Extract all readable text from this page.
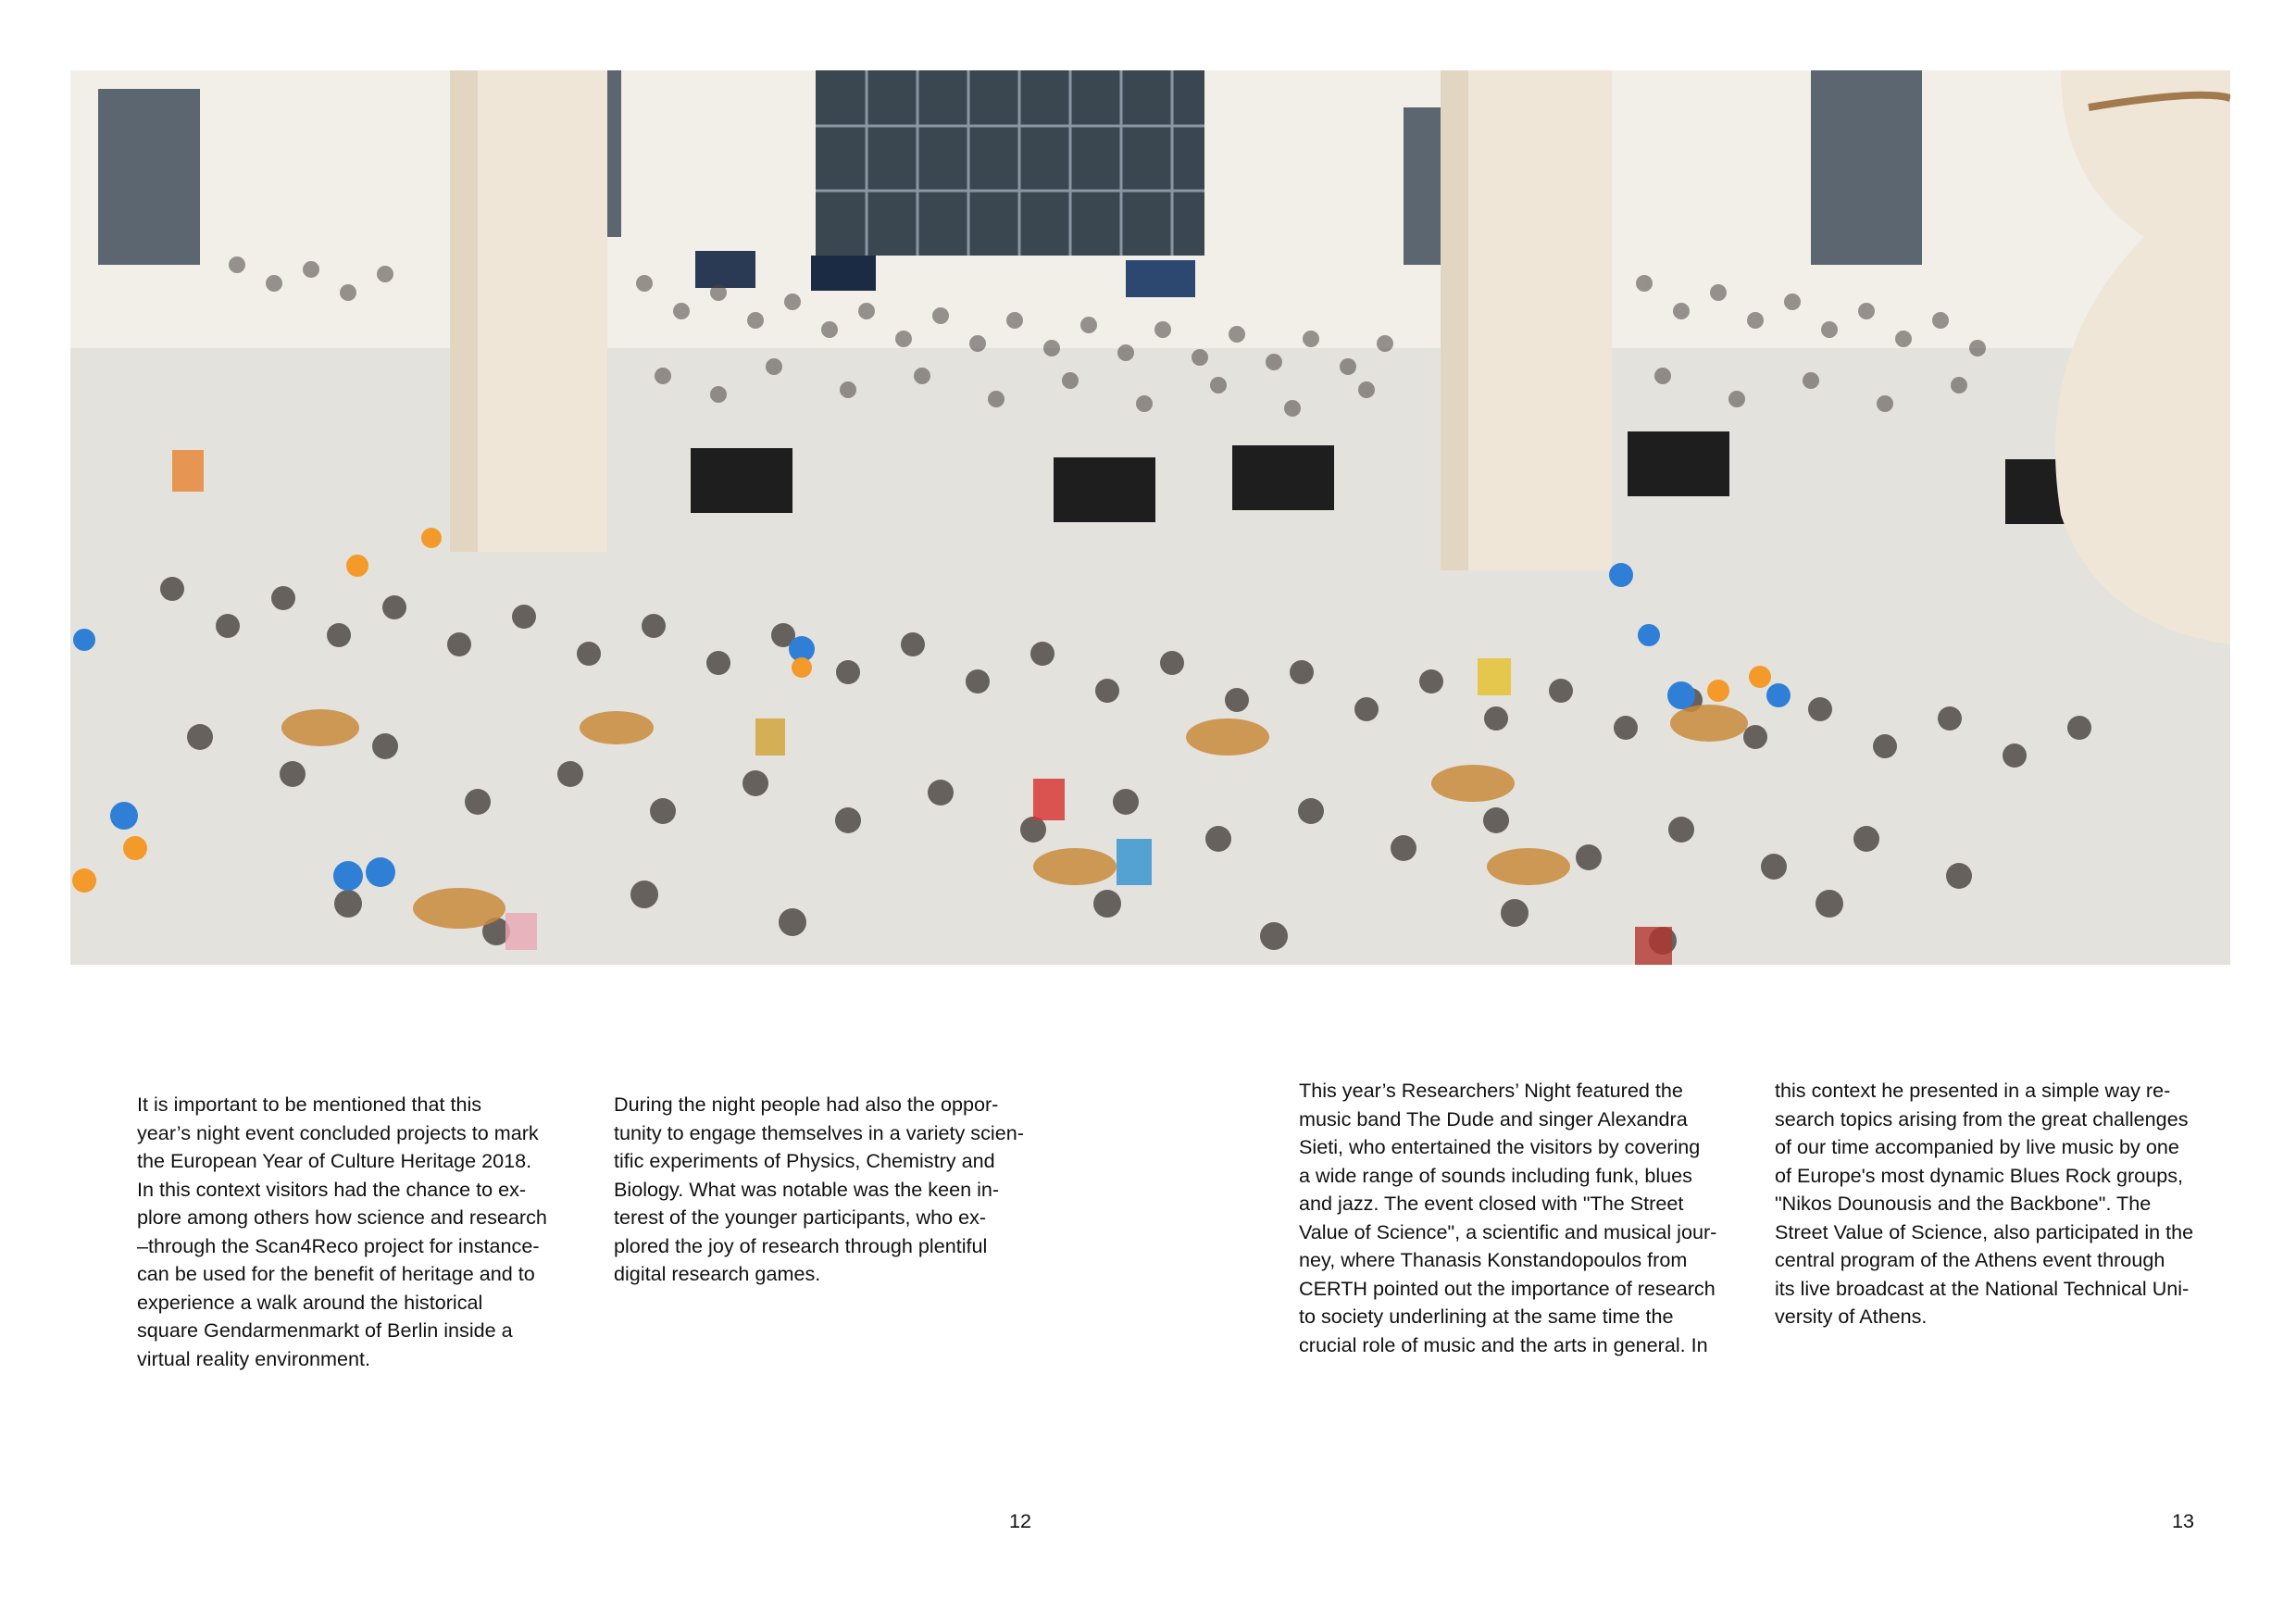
It is important to be mentioned that this
year’s night event concluded projects to mark
the European Year of Culture Heritage 2018.
In this context visitors had the chance to ex-
plore among others how science and research
–through the Scan4Reco project for instance-
can be used for the benefit of heritage and to
experience a walk around the historical
square Gendarmenmarkt of Berlin inside a
virtual reality environment.

During the night people had also the oppor-
tunity to engage themselves in a variety scien-
tific experiments of Physics, Chemistry and
Biology. What was notable was the keen in-
terest of the younger participants, who ex-
plored the joy of research through plentiful
digital research games.

This year’s Researchers’ Night featured the
music band The Dude and singer Alexandra
Sieti, who entertained the visitors by covering
a wide range of sounds including funk, blues
and jazz. The event closed with "The Street
Value of Science", a scientific and musical jour-
ney, where Thanasis Konstandopoulos from
CERTH pointed out the importance of research
to society underlining at the same time the
crucial role of music and the arts in general. In

this context he presented in a simple way re-
search topics arising from the great challenges
of our time accompanied by live music by one
of Europe's most dynamic Blues Rock groups,
"Nikos Dounousis and the Backbone". The
Street Value of Science, also participated in the
central program of the Athens event through
its live broadcast at the National Technical Uni-
versity of Athens.

12	13
